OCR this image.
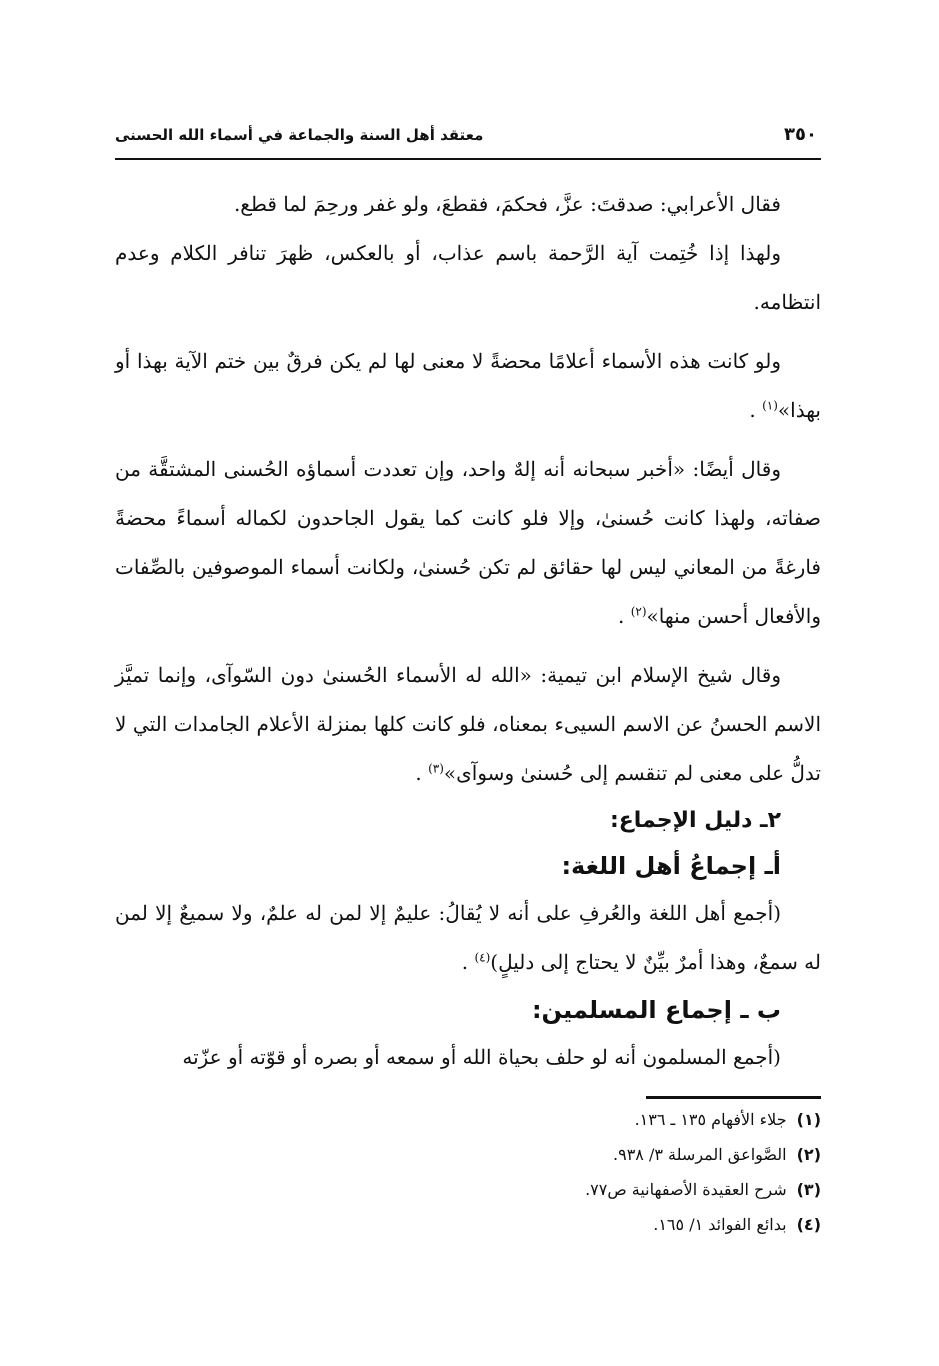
٣٥٠
معتقد أهل السنة والجماعة في أسماء الله الحسنى

فقال الأعرابي: صدقتَ: عزَّ، فحكمَ، فقطعَ، ولو غفر ورحِمَ لما قطع.

ولهذا إذا خُتِمت آية الرَّحمة باسم عذاب، أو بالعكس، ظهرَ تنافر الكلام وعدم انتظامه.

ولو كانت هذه الأسماء أعلامًا محضةً لا معنى لها لم يكن فرقٌ بين ختم الآية بهذا أو بهذا»$^{(١)}$ .

وقال أيضًا: «أخبر سبحانه أنه إلهٌ واحد، وإن تعددت أسماؤه الحُسنى المشتقَّة من صفاته، ولهذا كانت حُسنىٰ، وإلا فلو كانت كما يقول الجاحدون لكماله أسماءً محضةً فارغةً من المعاني ليس لها حقائق لم تكن حُسنىٰ، ولكانت أسماء الموصوفين بالصِّفات والأفعال أحسن منها»$^{(٢)}$ .

وقال شيخ الإسلام ابن تيمية: «الله له الأسماء الحُسنىٰ دون السّوآى، وإنما تميَّز الاسم الحسنُ عن الاسم السيىء بمعناه، فلو كانت كلها بمنزلة الأعلام الجامدات التي لا تدلُّ على معنى لم تنقسم إلى حُسنىٰ وسوآى»$^{(٣)}$ .

٢ـ دليل الإجماع:
أـ إجماعُ أهل اللغة:

(أجمع أهل اللغة والعُرفِ على أنه لا يُقالُ: عليمٌ إلا لمن له علمٌ، ولا سميعٌ إلا لمن له سمعٌ، وهذا أمرٌ بيِّنٌ لا يحتاج إلى دليلٍ)$^{(٤)}$ .

ب ـ إجماع المسلمين:

(أجمع المسلمون أنه لو حلف بحياة الله أو سمعه أو بصره أو قوّته أو عزّته

(١)جلاء الأفهام ١٣٥ ـ ١٣٦.
(٢)الصَّواعق المرسلة ٣/ ٩٣٨.
(٣)شرح العقيدة الأصفهانية ص٧٧.
(٤)بدائع الفوائد ١/ ١٦٥.
